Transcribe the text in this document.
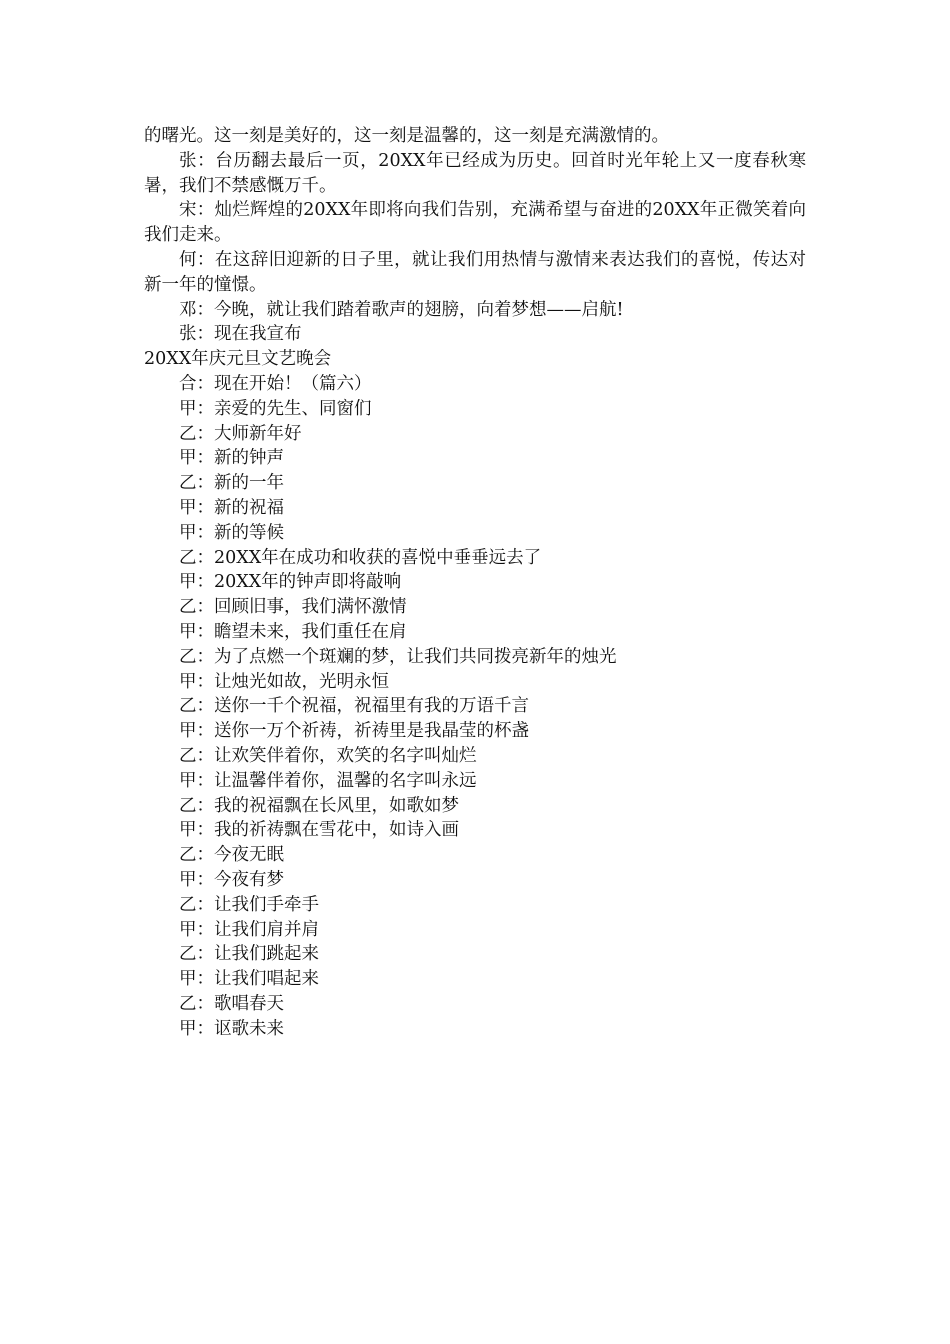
的曙光。这一刻是美好的，这一刻是温馨的，这一刻是充满激情的。

张：台历翻去最后一页，20XX年已经成为历史。回首时光年轮上又一度春秋寒暑，我们不禁感慨万千。

宋：灿烂辉煌的20XX年即将向我们告别，充满希望与奋进的20XX年正微笑着向我们走来。

何：在这辞旧迎新的日子里，就让我们用热情与激情来表达我们的喜悦，传达对新一年的憧憬。

邓：今晚，就让我们踏着歌声的翅膀，向着梦想——启航!

张：现在我宣布

20XX年庆元旦文艺晚会

合：现在开始！（篇六）

甲：亲爱的先生、同窗们

乙：大师新年好

甲：新的钟声

乙：新的一年

甲：新的祝福

甲：新的等候

乙：20XX年在成功和收获的喜悦中垂垂远去了

甲：20XX年的钟声即将敲响

乙：回顾旧事，我们满怀激情

甲：瞻望未来，我们重任在肩

乙：为了点燃一个斑斓的梦，让我们共同拨亮新年的烛光

甲：让烛光如故，光明永恒

乙：送你一千个祝福，祝福里有我的万语千言

甲：送你一万个祈祷，祈祷里是我晶莹的杯盏

乙：让欢笑伴着你，欢笑的名字叫灿烂

甲：让温馨伴着你，温馨的名字叫永远

乙：我的祝福飘在长风里，如歌如梦

甲：我的祈祷飘在雪花中，如诗入画

乙：今夜无眠

甲：今夜有梦

乙：让我们手牵手

甲：让我们肩并肩

乙：让我们跳起来

甲：让我们唱起来

乙：歌唱春天

甲：讴歌未来
